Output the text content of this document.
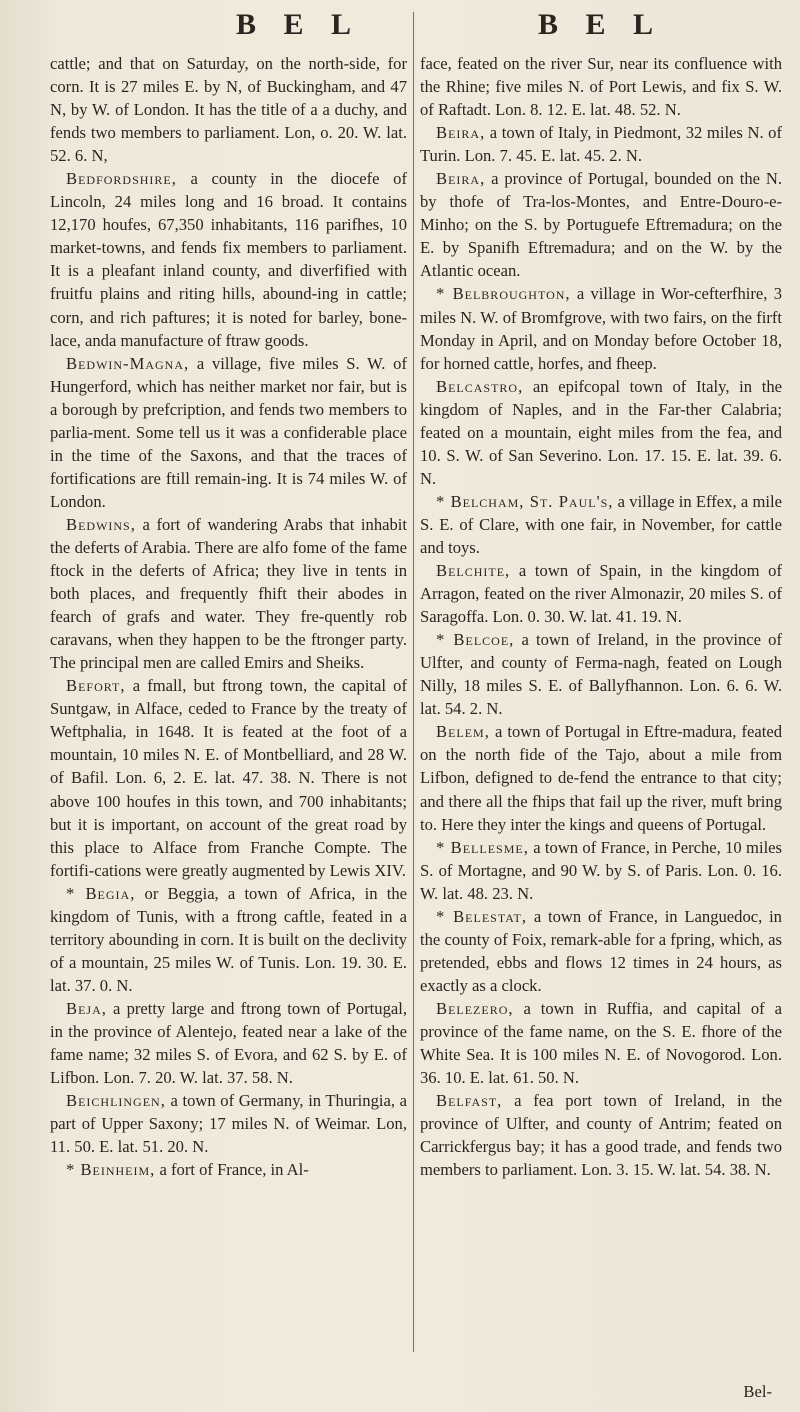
B E L	B E L

cattle; and that on Saturday, on the north-side, for corn. It is 27 miles E. by N, of Buckingham, and 47 N, by W. of London. It has the title of a a duchy, and fends two members to parliament. Lon, o. 20. W. lat. 52. 6. N,

Bedfordshire, a county in the diocefe of Lincoln, 24 miles long and 16 broad. It contains 12,170 houfes, 67,350 inhabitants, 116 parifhes, 10 market-towns, and fends fix members to parliament. It is a pleafant inland county, and diverfified with fruitfu plains and riting hills, abound-ing in cattle; corn, and rich paftures; it is noted for barley, bone-lace, anda manufacture of ftraw goods.

Bedwin-Magna, a village, five miles S. W. of Hungerford, which has neither market nor fair, but is a borough by prefcription, and fends two members to parlia-ment. Some tell us it was a confiderable place in the time of the Saxons, and that the traces of fortifications are ftill remain-ing. It is 74 miles W. of London.

Bedwins, a fort of wandering Arabs that inhabit the deferts of Arabia. There are alfo fome of the fame ftock in the deferts of Africa; they live in tents in both places, and frequently fhift their abodes in fearch of grafs and water. They fre-quently rob caravans, when they happen to be the ftronger party. The principal men are called Emirs and Sheiks.

Befort, a fmall, but ftrong town, the capital of Suntgaw, in Alface, ceded to France by the treaty of Weftphalia, in 1648. It is feated at the foot of a mountain, 10 miles N. E. of Montbelliard, and 28 W. of Bafil. Lon. 6, 2. E. lat. 47. 38. N. There is not above 100 houfes in this town, and 700 inhabitants; but it is important, on account of the great road by this place to Alface from Franche Compte. The fortifi-cations were greatly augmented by Lewis XIV.

* Begia, or Beggia, a town of Africa, in the kingdom of Tunis, with a ftrong caftle, feated in a territory abounding in corn. It is built on the declivity of a mountain, 25 miles W. of Tunis. Lon. 19. 30. E. lat. 37. 0. N.

Beja, a pretty large and ftrong town of Portugal, in the province of Alentejo, feated near a lake of the fame name; 32 miles S. of Evora, and 62 S. by E. of Lifbon. Lon. 7. 20. W. lat. 37. 58. N.

Beichlingen, a town of Germany, in Thuringia, a part of Upper Saxony; 17 miles N. of Weimar. Lon, 11. 50. E. lat. 51. 20. N.

* Beinheim, a fort of France, in Al-

face, feated on the river Sur, near its confluence with the Rhine; five miles N. of Port Lewis, and fix S. W. of Raftadt. Lon. 8. 12. E. lat. 48. 52. N.

Beira, a town of Italy, in Piedmont, 32 miles N. of Turin. Lon. 7. 45. E. lat. 45. 2. N.

Beira, a province of Portugal, bounded on the N. by thofe of Tra-los-Montes, and Entre-Douro-e-Minho; on the S. by Portuguefe Eftremadura; on the E. by Spanifh Eftremadura; and on the W. by the Atlantic ocean.

* Belbroughton, a village in Wor-cefterfhire, 3 miles N. W. of Bromfgrove, with two fairs, on the firft Monday in April, and on Monday before October 18, for horned cattle, horfes, and fheep.

Belcastro, an epifcopal town of Italy, in the kingdom of Naples, and in the Far-ther Calabria; feated on a mountain, eight miles from the fea, and 10. S. W. of San Severino. Lon. 17. 15. E. lat. 39. 6. N.

* Belcham, St. Paul's, a village in Effex, a mile S. E. of Clare, with one fair, in November, for cattle and toys.

Belchite, a town of Spain, in the kingdom of Arragon, feated on the river Almonazir, 20 miles S. of Saragoffa. Lon. 0. 30. W. lat. 41. 19. N.

* Belcoe, a town of Ireland, in the province of Ulfter, and county of Ferma-nagh, feated on Lough Nilly, 18 miles S. E. of Ballyfhannon. Lon. 6. 6. W. lat. 54. 2. N.

Belem, a town of Portugal in Eftre-madura, feated on the north fide of the Tajo, about a mile from Lifbon, defigned to de-fend the entrance to that city; and there all the fhips that fail up the river, muft bring to. Here they inter the kings and queens of Portugal.

* Bellesme, a town of France, in Perche, 10 miles S. of Mortagne, and 90 W. by S. of Paris. Lon. 0. 16. W. lat. 48. 23. N.

* Belestat, a town of France, in Languedoc, in the county of Foix, remark-able for a fpring, which, as pretended, ebbs and flows 12 times in 24 hours, as exactly as a clock.

Belezero, a town in Ruffia, and capital of a province of the fame name, on the S. E. fhore of the White Sea. It is 100 miles N. E. of Novogorod. Lon. 36. 10. E. lat. 61. 50. N.

Belfast, a fea port town of Ireland, in the province of Ulfter, and county of Antrim; feated on Carrickfergus bay; it has a good trade, and fends two members to parliament. Lon. 3. 15. W. lat. 54. 38. N.

Bel-
